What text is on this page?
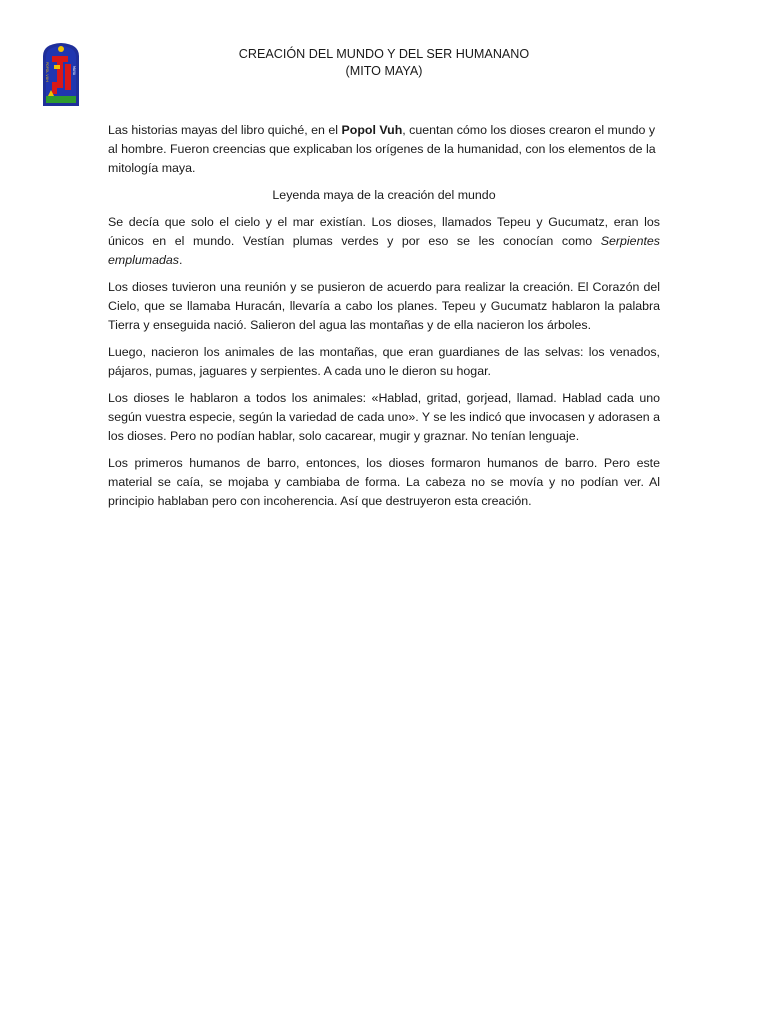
POPOL VUH	MAYA
CREACIÓN DEL MUNDO Y DEL SER HUMANANO
(MITO MAYA)

Las historias mayas del libro quiché, en el Popol Vuh, cuentan cómo los dioses crearon el mundo y al hombre. Fueron creencias que explicaban los orígenes de la humanidad, con los elementos de la mitología maya.

Leyenda maya de la creación del mundo

Se decía que solo el cielo y el mar existían. Los dioses, llamados Tepeu y Gucumatz, eran los únicos en el mundo. Vestían plumas verdes y por eso se les conocían como Serpientes emplumadas.

Los dioses tuvieron una reunión y se pusieron de acuerdo para realizar la creación. El Corazón del Cielo, que se llamaba Huracán, llevaría a cabo los planes. Tepeu y Gucumatz hablaron la palabra Tierra y enseguida nació. Salieron del agua las montañas y de ella nacieron los árboles.

Luego, nacieron los animales de las montañas, que eran guardianes de las selvas: los venados, pájaros, pumas, jaguares y serpientes. A cada uno le dieron su hogar.

Los dioses le hablaron a todos los animales: «Hablad, gritad, gorjead, llamad. Hablad cada uno según vuestra especie, según la variedad de cada uno». Y se les indicó que invocasen y adorasen a los dioses. Pero no podían hablar, solo cacarear, mugir y graznar. No tenían lenguaje.

Los primeros humanos de barro, entonces, los dioses formaron humanos de barro. Pero este material se caía, se mojaba y cambiaba de forma. La cabeza no se movía y no podían ver. Al principio hablaban pero con incoherencia. Así que destruyeron esta creación.
